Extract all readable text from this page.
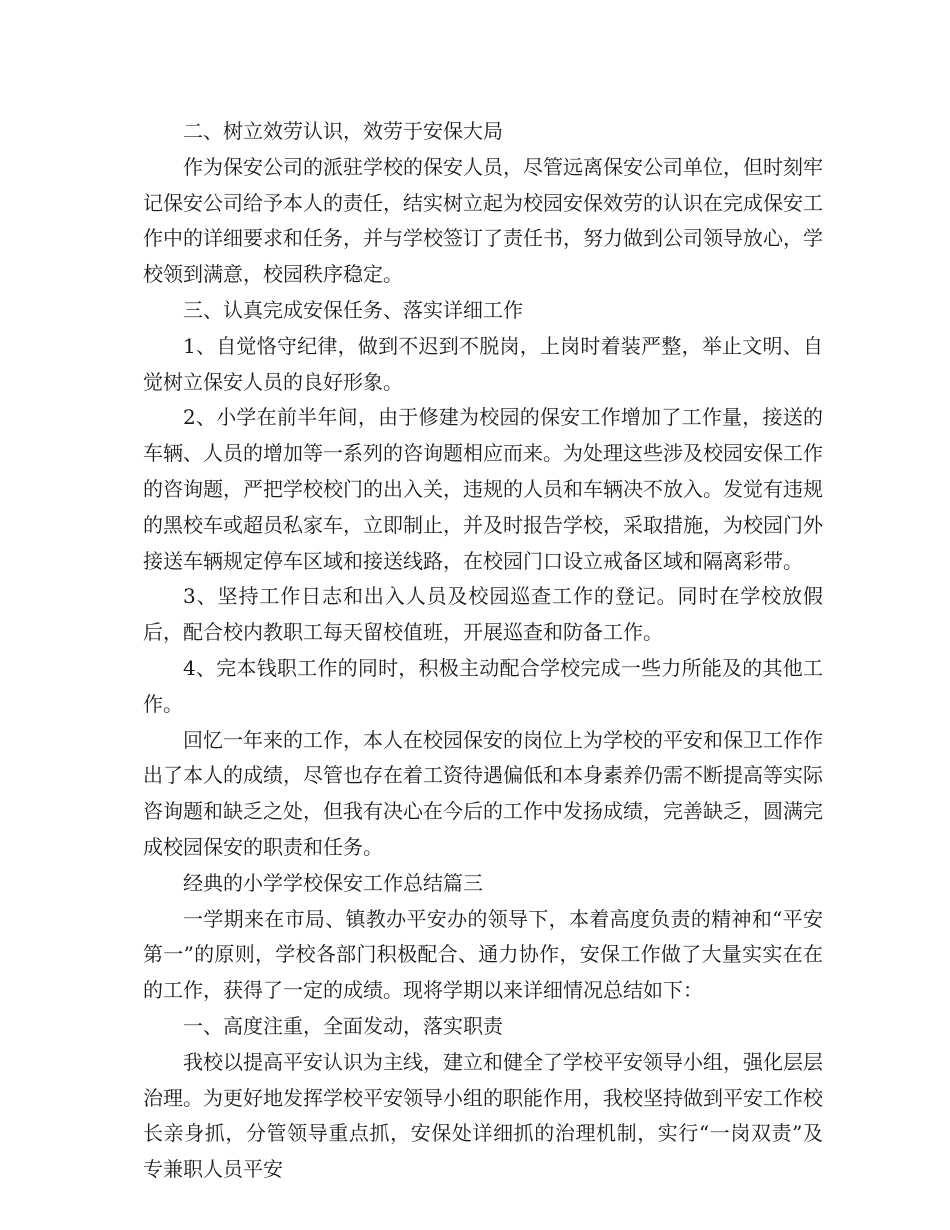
二、树立效劳认识，效劳于安保大局

作为保安公司的派驻学校的保安人员，尽管远离保安公司单位，但时刻牢记保安公司给予本人的责任，结实树立起为校园安保效劳的认识在完成保安工作中的详细要求和任务，并与学校签订了责任书，努力做到公司领导放心，学校领到满意，校园秩序稳定。

三、认真完成安保任务、落实详细工作

1、自觉恪守纪律，做到不迟到不脱岗，上岗时着装严整，举止文明、自觉树立保安人员的良好形象。

2、小学在前半年间，由于修建为校园的保安工作增加了工作量，接送的车辆、人员的增加等一系列的咨询题相应而来。为处理这些涉及校园安保工作的咨询题，严把学校校门的出入关，违规的人员和车辆决不放入。发觉有违规的黑校车或超员私家车，立即制止，并及时报告学校，采取措施，为校园门外接送车辆规定停车区域和接送线路，在校园门口设立戒备区域和隔离彩带。

3、坚持工作日志和出入人员及校园巡查工作的登记。同时在学校放假后，配合校内教职工每天留校值班，开展巡查和防备工作。

4、完本钱职工作的同时，积极主动配合学校完成一些力所能及的其他工作。

回忆一年来的工作，本人在校园保安的岗位上为学校的平安和保卫工作作出了本人的成绩，尽管也存在着工资待遇偏低和本身素养仍需不断提高等实际咨询题和缺乏之处，但我有决心在今后的工作中发扬成绩，完善缺乏，圆满完成校园保安的职责和任务。

经典的小学学校保安工作总结篇三

一学期来在市局、镇教办平安办的领导下，本着高度负责的精神和“平安第一”的原则，学校各部门积极配合、通力协作，安保工作做了大量实实在在的工作，获得了一定的成绩。现将学期以来详细情况总结如下：

一、高度注重，全面发动，落实职责

我校以提高平安认识为主线，建立和健全了学校平安领导小组，强化层层治理。为更好地发挥学校平安领导小组的职能作用，我校坚持做到平安工作校长亲身抓，分管领导重点抓，安保处详细抓的治理机制，实行“一岗双责”及专兼职人员平安
